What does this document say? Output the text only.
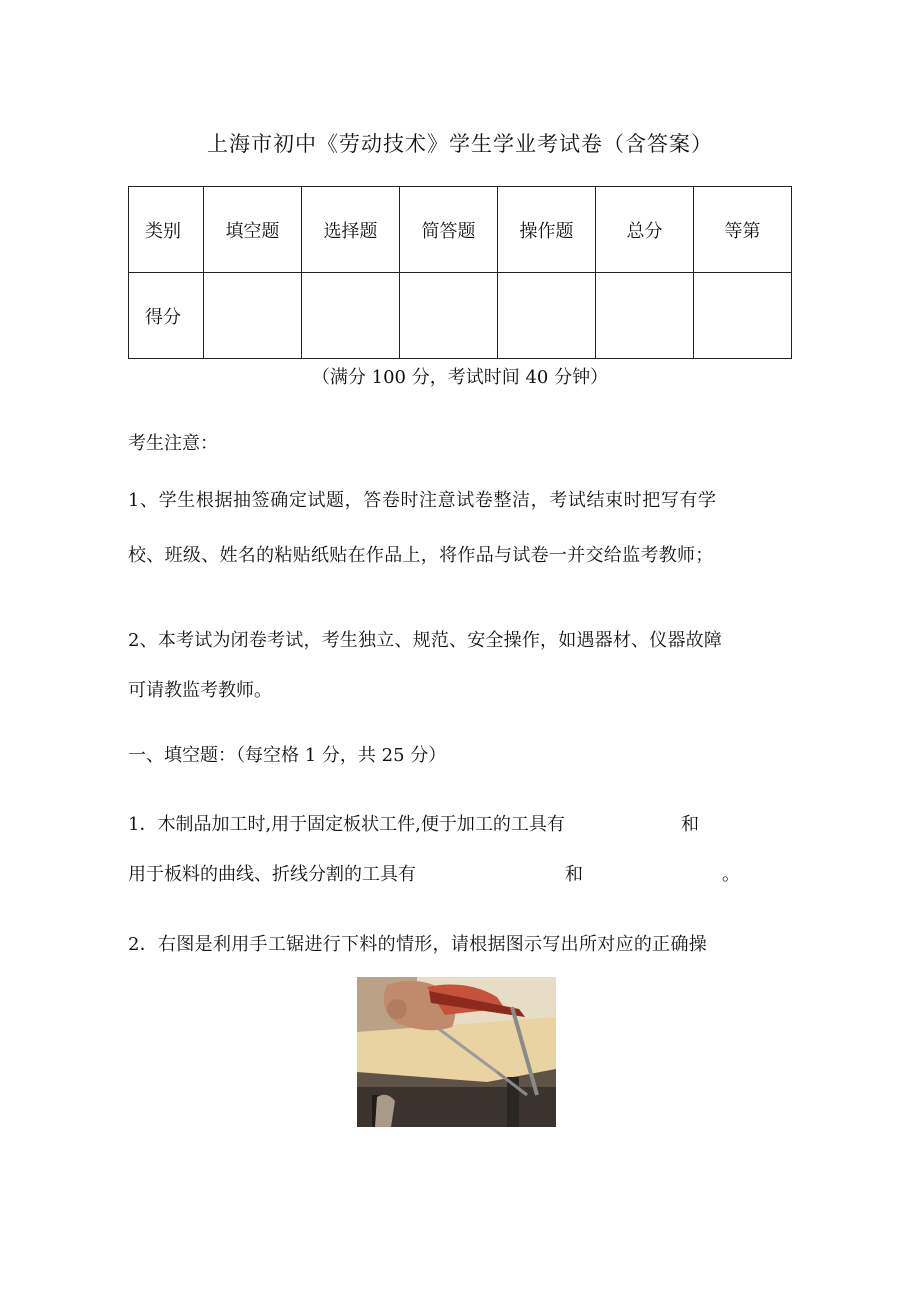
上海市初中《劳动技术》学生学业考试卷（含答案）
类别	填空题	选择题	简答题	操作题	总分	等第
得分						
（满分 100 分，考试时间 40 分钟）
考生注意：
1、学生根据抽签确定试题，答卷时注意试卷整洁，考试结束时把写有学
校、班级、姓名的粘贴纸贴在作品上，将作品与试卷一并交给监考教师；
2、本考试为闭卷考试，考生独立、规范、安全操作，如遇器材、仪器故障
可请教监考教师。
一、填空题：（每空格 1 分，共 25 分）
1．木制品加工时,用于固定板状工件,便于加工的工具有	和
用于板料的曲线、折线分割的工具有	和	。
2．右图是利用手工锯进行下料的情形，请根据图示写出所对应的正确操
